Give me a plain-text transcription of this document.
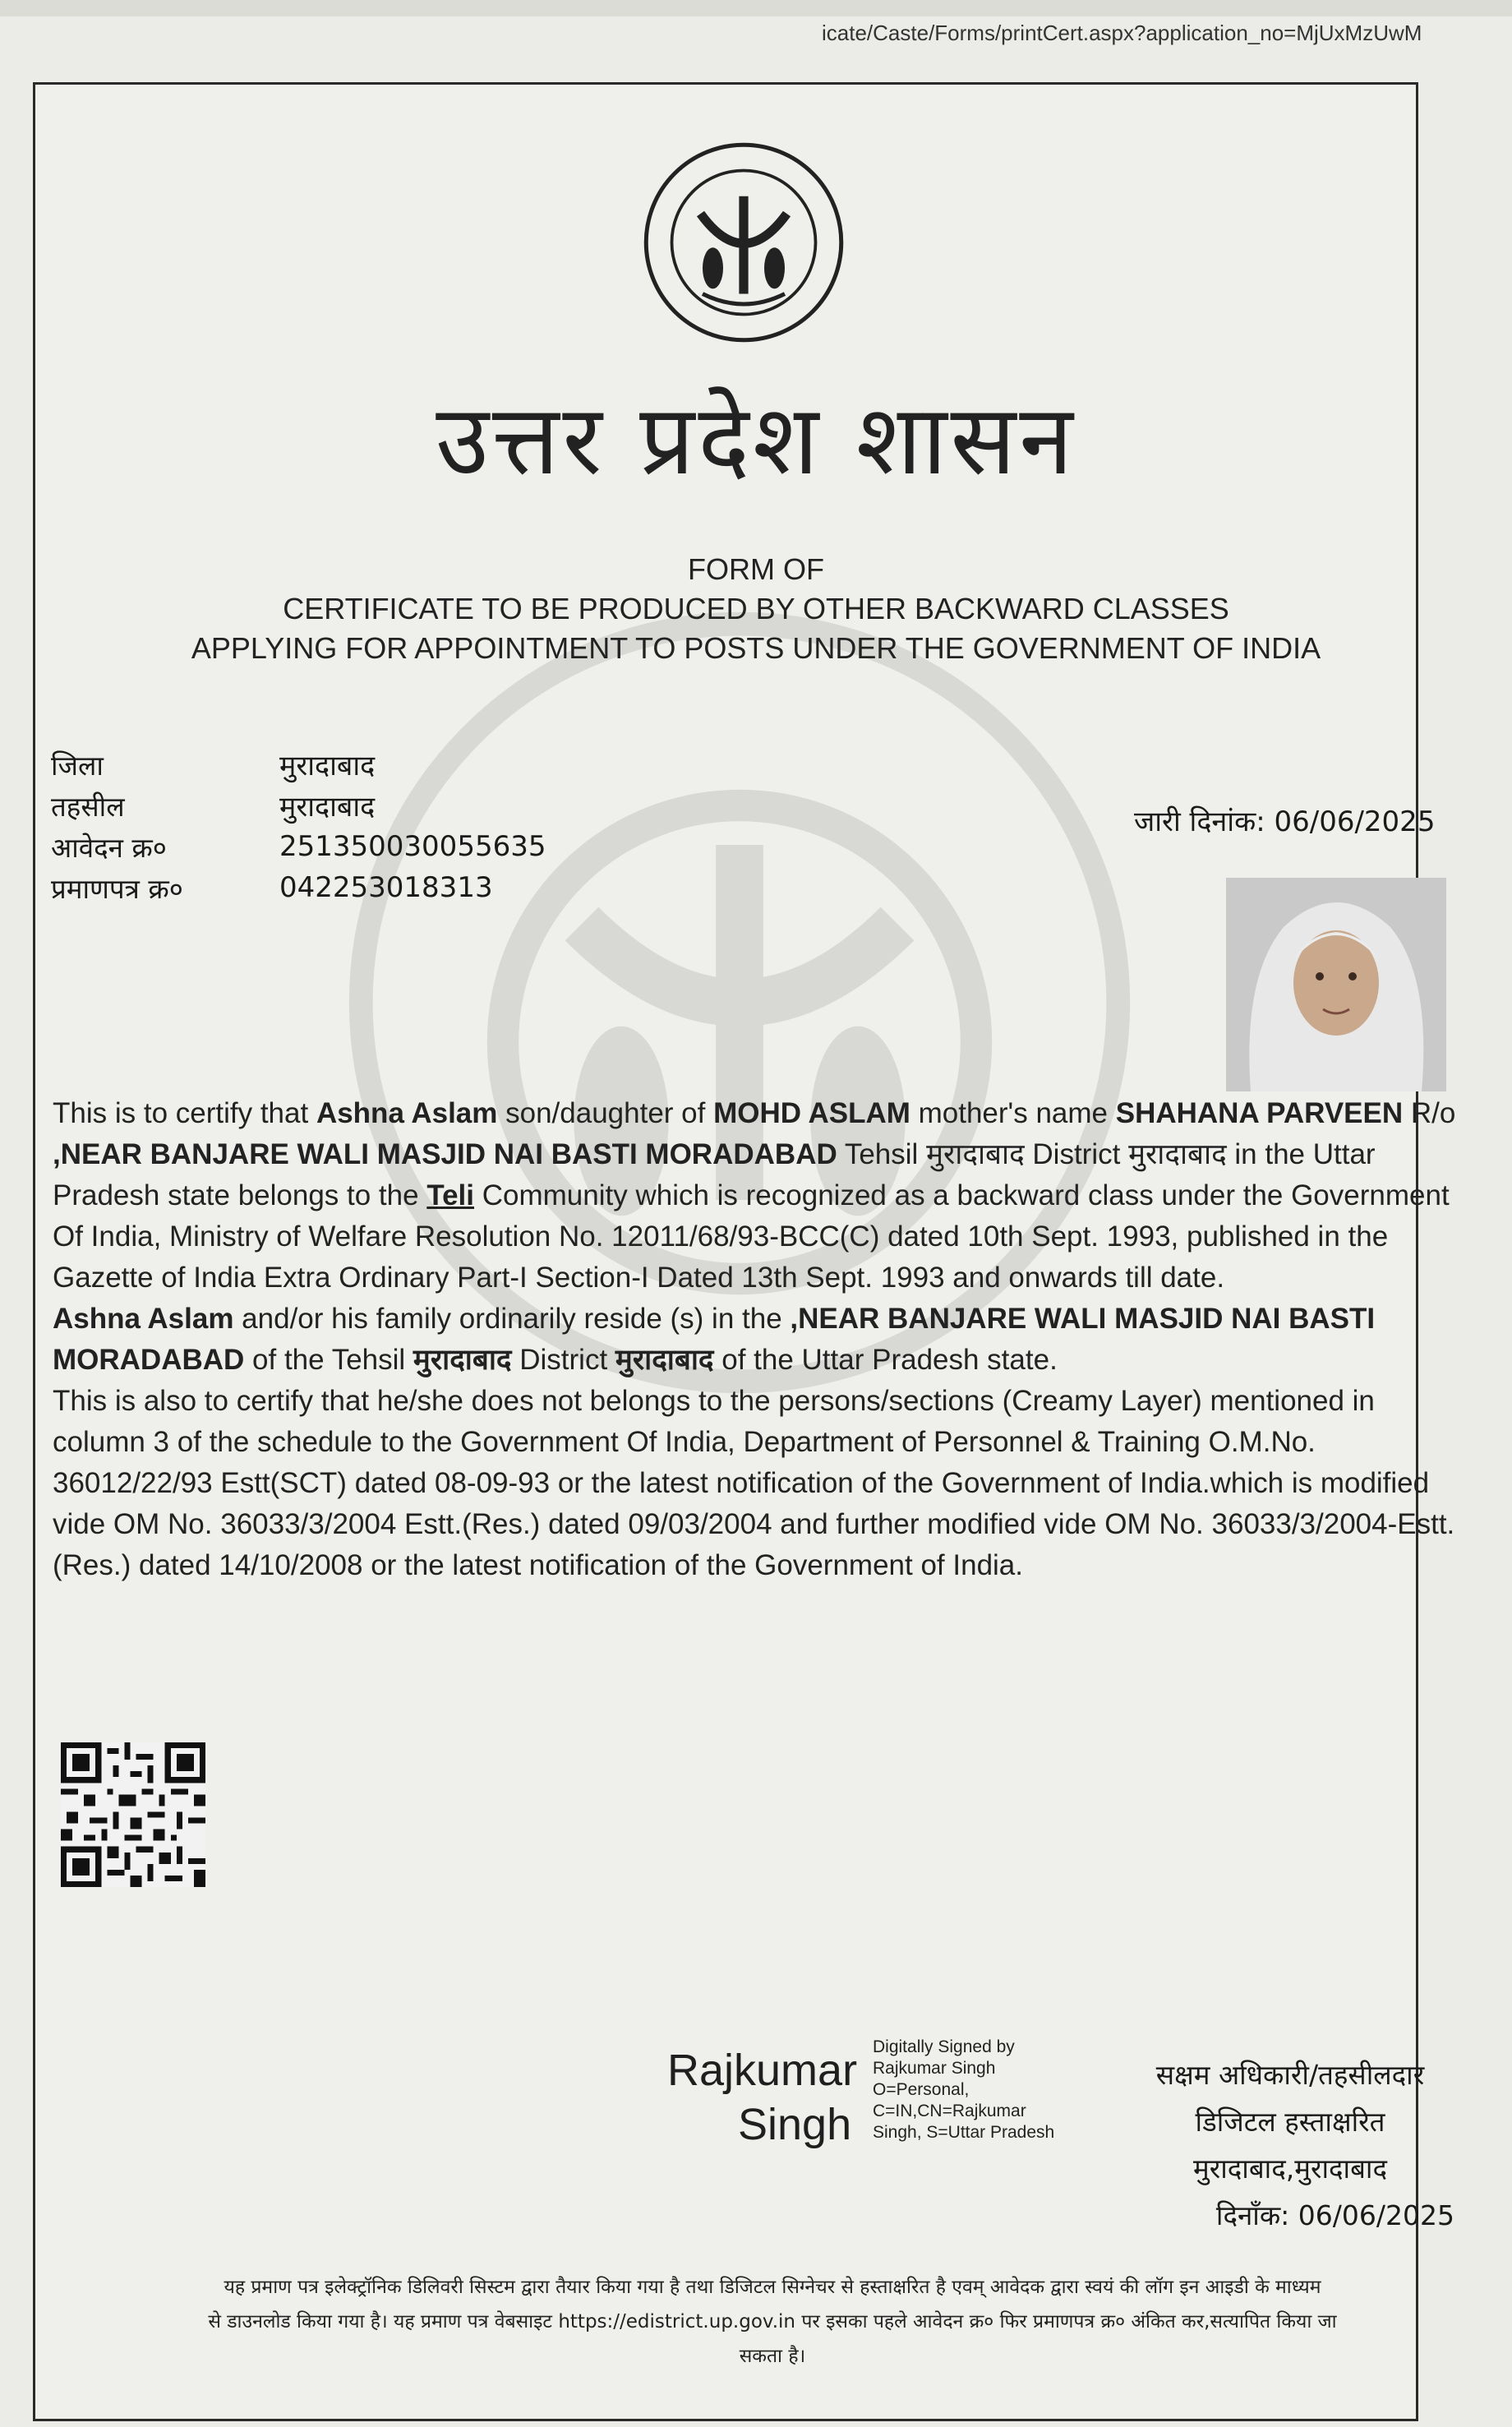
icate/Caste/Forms/printCert.aspx?application_no=MjUxMzUwM
उत्तर प्रदेश शासन
FORM OF
CERTIFICATE TO BE PRODUCED BY OTHER BACKWARD CLASSES
APPLYING FOR APPOINTMENT TO POSTS UNDER THE GOVERNMENT OF INDIA
जिला	मुरादाबाद
तहसील	मुरादाबाद
आवेदन क्र०	251350030055635
प्रमाणपत्र क्र०	042253018313
जारी दिनांक: 06/06/2025

This is to certify that Ashna Aslam son/daughter of MOHD ASLAM mother's name SHAHANA PARVEEN R/o ,NEAR BANJARE WALI MASJID NAI BASTI MORADABAD Tehsil मुरादाबाद District मुरादाबाद in the Uttar Pradesh state belongs to the Teli Community which is recognized as a backward class under the Government Of India, Ministry of Welfare Resolution No. 12011/68/93-BCC(C) dated 10th Sept. 1993, published in the Gazette of India Extra Ordinary Part-I Section-I Dated 13th Sept. 1993 and onwards till date.

Ashna Aslam and/or his family ordinarily reside (s) in the ,NEAR BANJARE WALI MASJID NAI BASTI MORADABAD of the Tehsil मुरादाबाद District मुरादाबाद of the Uttar Pradesh state.

This is also to certify that he/she does not belongs to the persons/sections (Creamy Layer) mentioned in column 3 of the schedule to the Government Of India, Department of Personnel & Training O.M.No. 36012/22/93 Estt(SCT) dated 08-09-93 or the latest notification of the Government of India.which is modified vide OM No. 36033/3/2004 Estt.(Res.) dated 09/03/2004 and further modified vide OM No. 36033/3/2004-Estt. (Res.) dated 14/10/2008 or the latest notification of the Government of India.

Rajkumar
Singh
Digitally Signed by
Rajkumar Singh
O=Personal,
C=IN,CN=Rajkumar
Singh, S=Uttar Pradesh
सक्षम अधिकारी/तहसीलदार
डिजिटल हस्ताक्षरित
मुरादाबाद,मुरादाबाद
दिनाँक: 06/06/2025
यह प्रमाण पत्र इलेक्ट्रॉनिक डिलिवरी सिस्टम द्वारा तैयार किया गया है तथा डिजिटल सिग्नेचर से हस्ताक्षरित है एवम् आवेदक द्वारा स्वयं की लॉग इन आइडी के माध्यम
से डाउनलोड किया गया है। यह प्रमाण पत्र वेबसाइट https://edistrict.up.gov.in पर इसका पहले आवेदन क्र० फिर प्रमाणपत्र क्र० अंकित कर,सत्यापित किया जा
सकता है।
